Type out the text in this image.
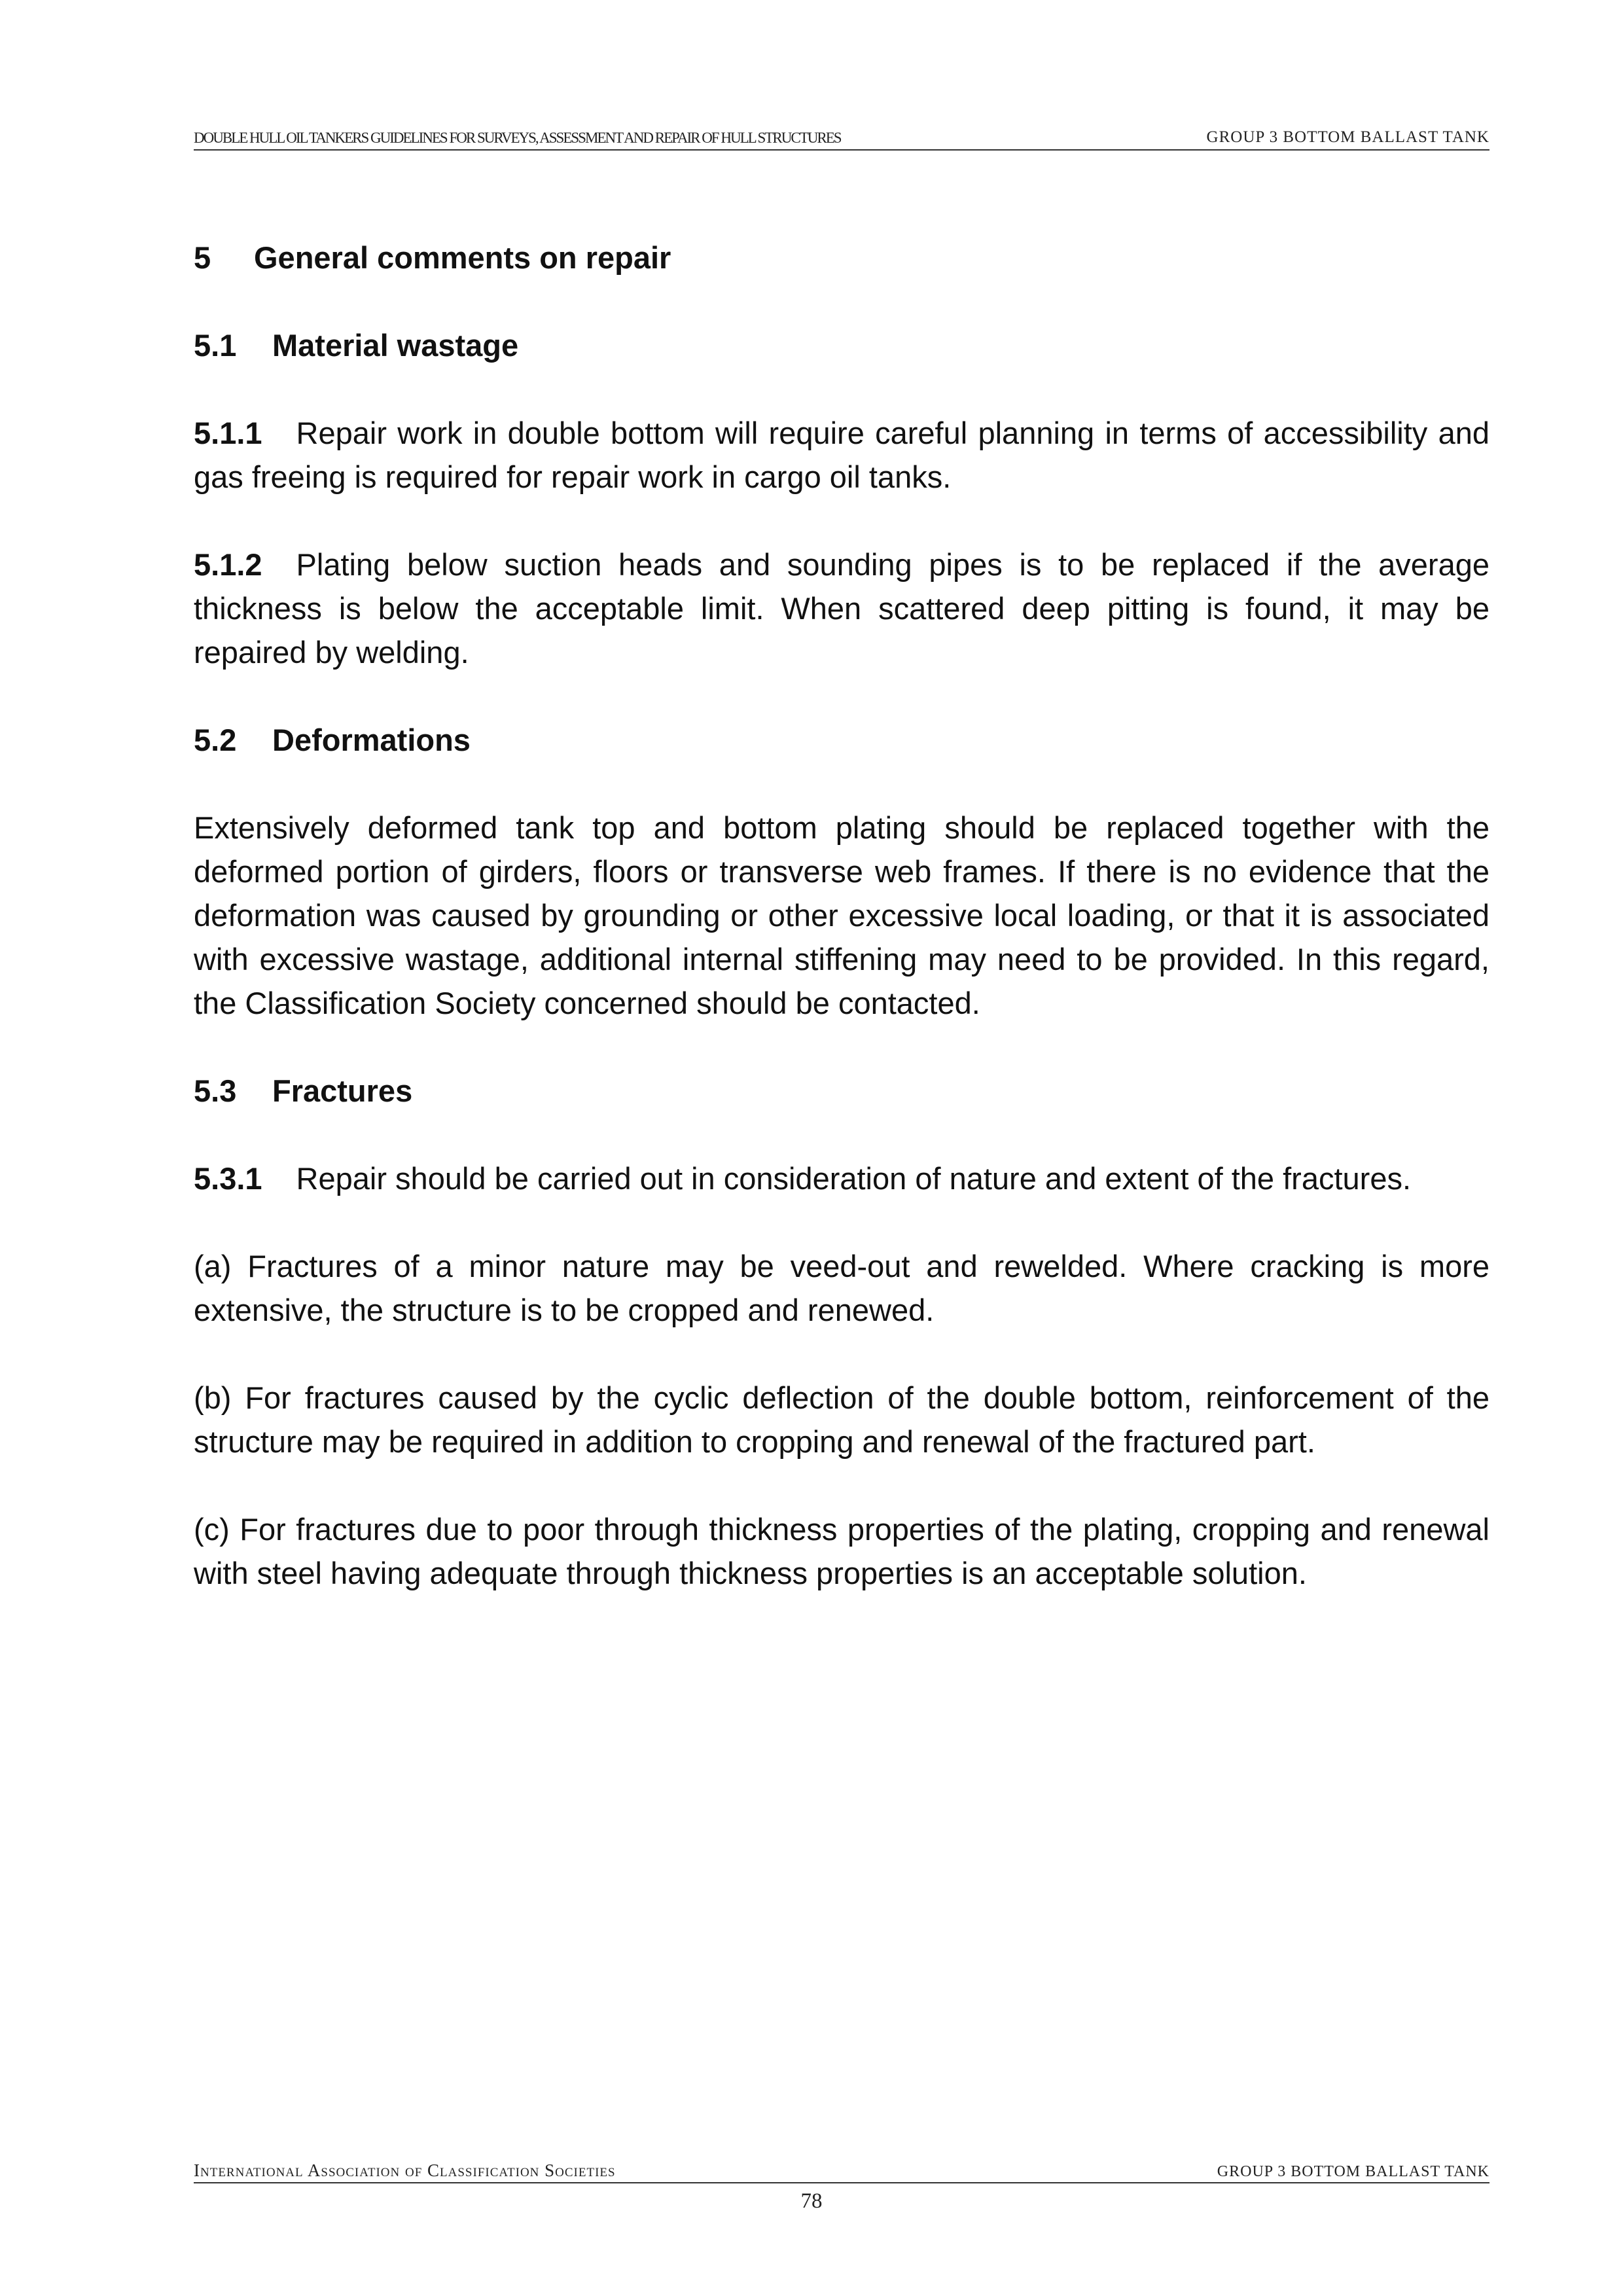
DOUBLE HULL OIL TANKERS GUIDELINES FOR SURVEYS, ASSESSMENT AND REPAIR OF HULL STRUCTURES	GROUP 3 BOTTOM BALLAST TANK
5 General comments on repair
5.1 Material wastage

5.1.1 Repair work in double bottom will require careful planning in terms of accessibility and gas freeing is required for repair work in cargo oil tanks.

5.1.2 Plating below suction heads and sounding pipes is to be replaced if the average thickness is below the acceptable limit. When scattered deep pitting is found, it may be repaired by welding.

5.2 Deformations

Extensively deformed tank top and bottom plating should be replaced together with the deformed portion of girders, floors or transverse web frames. If there is no evidence that the deformation was caused by grounding or other excessive local loading, or that it is associated with excessive wastage, additional internal stiffening may need to be provided. In this regard, the Classification Society concerned should be contacted.

5.3 Fractures

5.3.1 Repair should be carried out in consideration of nature and extent of the fractures.

(a) Fractures of a minor nature may be veed-out and rewelded. Where cracking is more extensive, the structure is to be cropped and renewed.

(b) For fractures caused by the cyclic deflection of the double bottom, reinforcement of the structure may be required in addition to cropping and renewal of the fractured part.

(c) For fractures due to poor through thickness properties of the plating, cropping and renewal with steel having adequate through thickness properties is an acceptable solution.

International Association of Classification Societies	GROUP 3 BOTTOM BALLAST TANK
78
